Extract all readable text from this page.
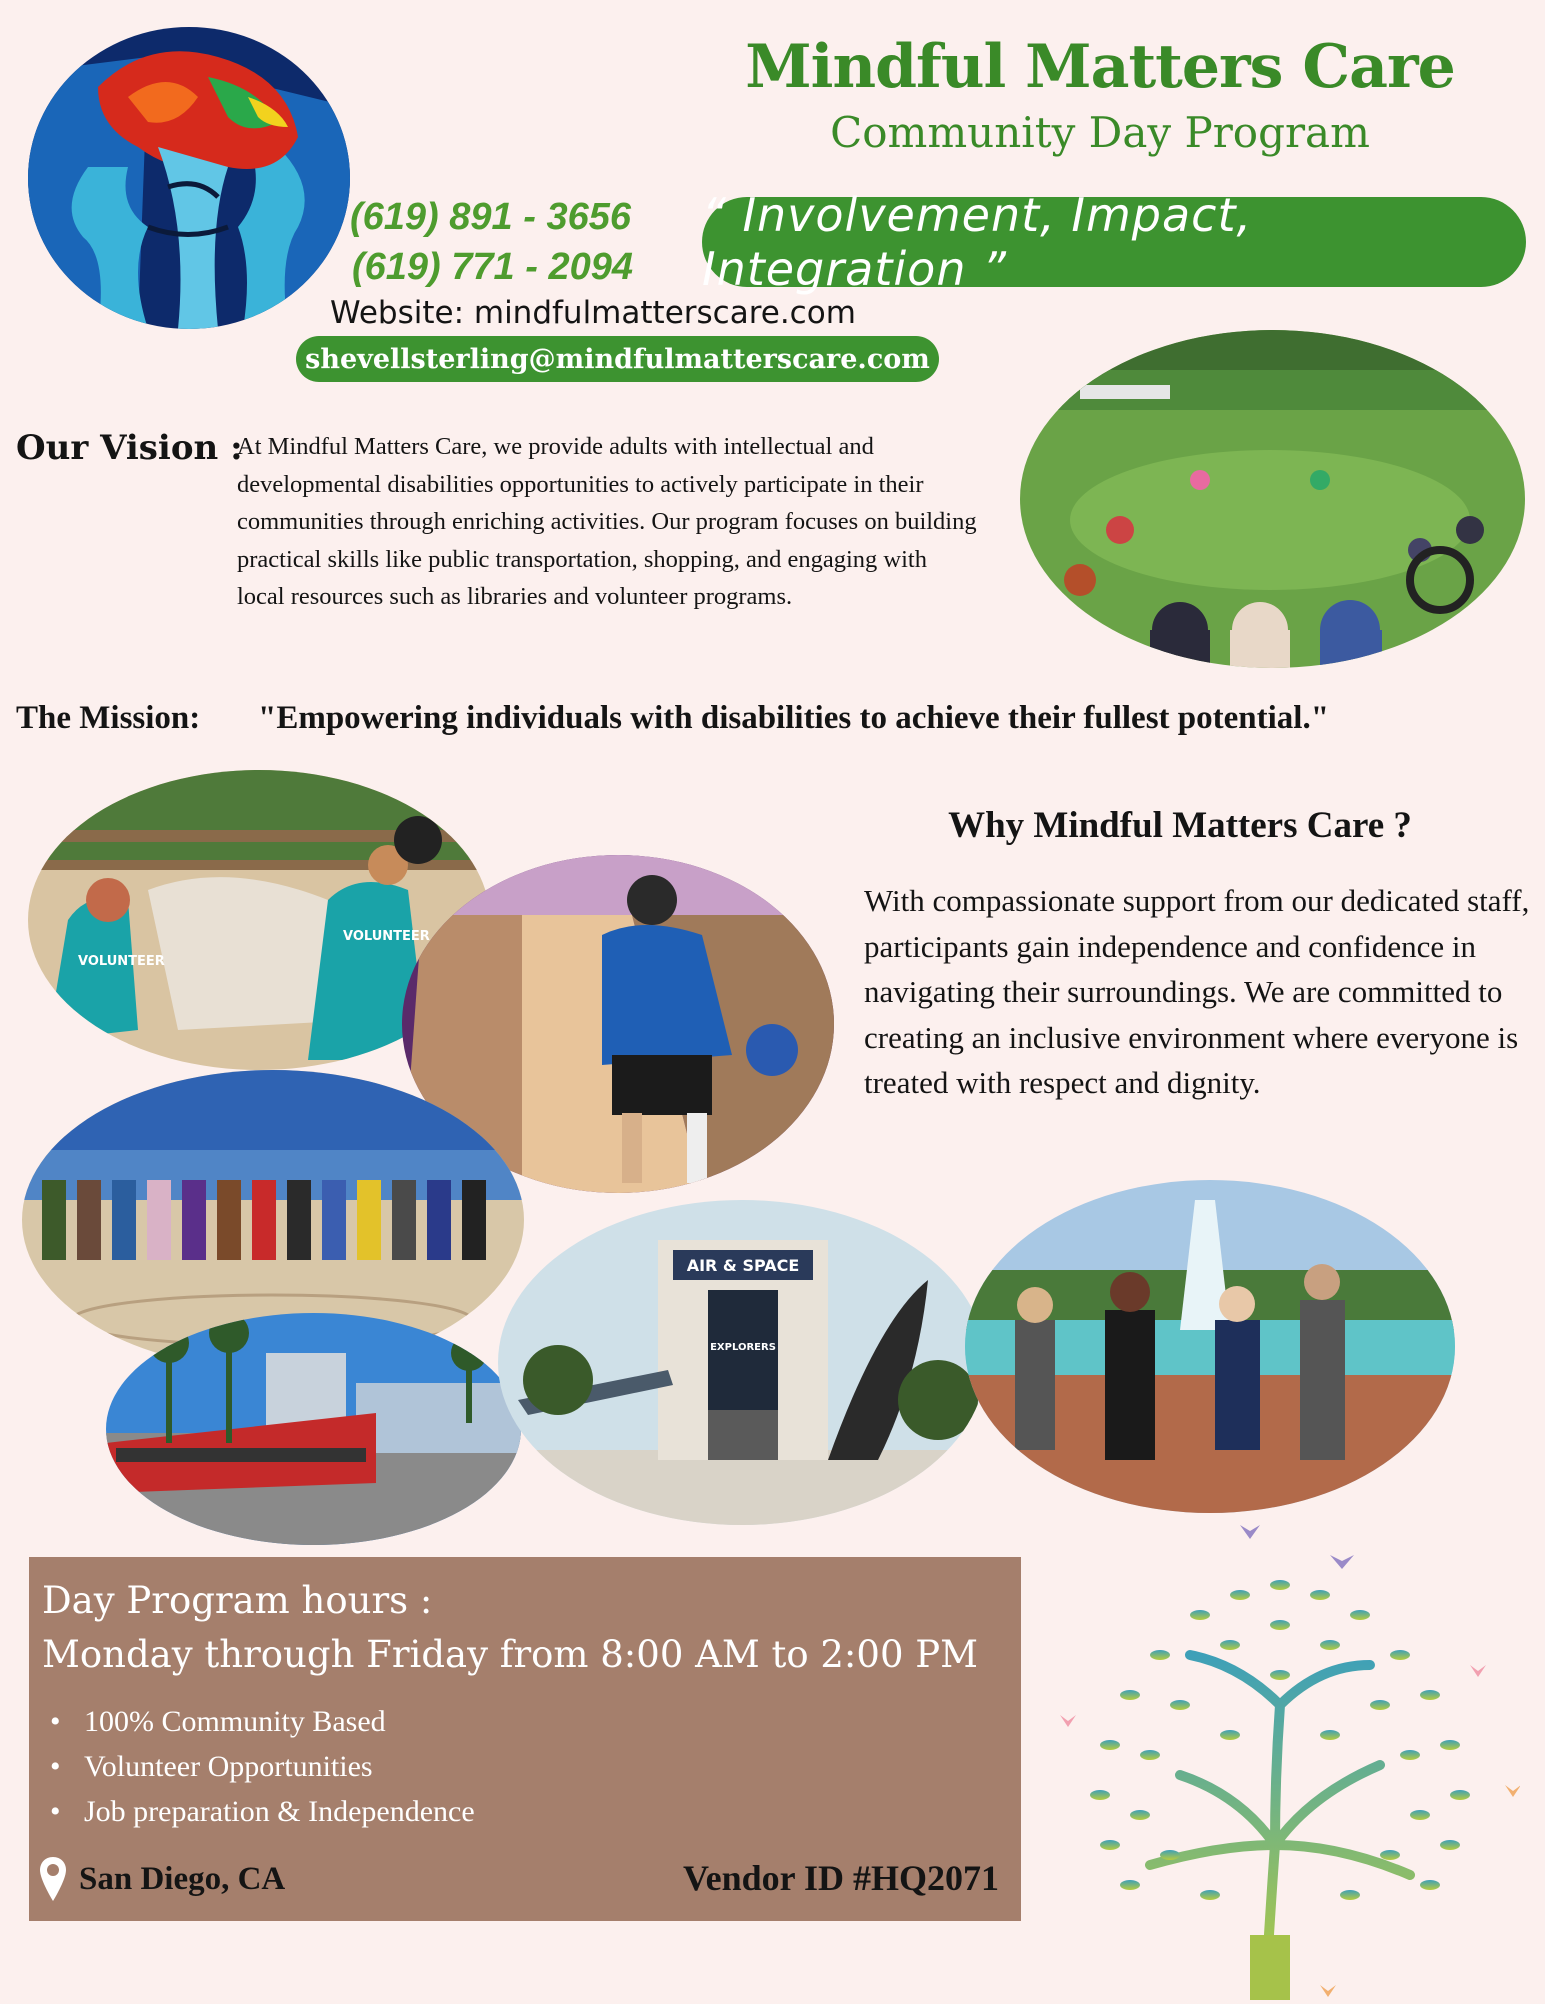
Mindful Matters Care
Community Day Program
“ Involvement, Impact, Integration ”
(619) 891 - 3656
(619) 771 - 2094
Website: mindfulmatterscare.com
shevellsterling@mindfulmatterscare.com
Our Vision :
At Mindful Matters Care, we provide adults with intellectual and developmental disabilities opportunities to actively participate in their communities through enriching activities. Our program focuses on building practical skills like public transportation, shopping, and engaging with local resources such as libraries and volunteer programs.
The Mission: "Empowering individuals with disabilities to achieve their fullest potential."
Why Mindful Matters Care ?
With compassionate support from our dedicated staff, participants gain independence and confidence in navigating their surroundings. We are committed to creating an inclusive environment where everyone is treated with respect and dignity.
VOLUNTEER
VOLUNTEER
AIR & SPACE
EXPLORERS
Day Program hours :
Monday through Friday from 8:00 AM to 2:00 PM
• 100% Community Based
• Volunteer Opportunities
• Job preparation & Independence
San Diego, CA	Vendor ID #HQ2071
